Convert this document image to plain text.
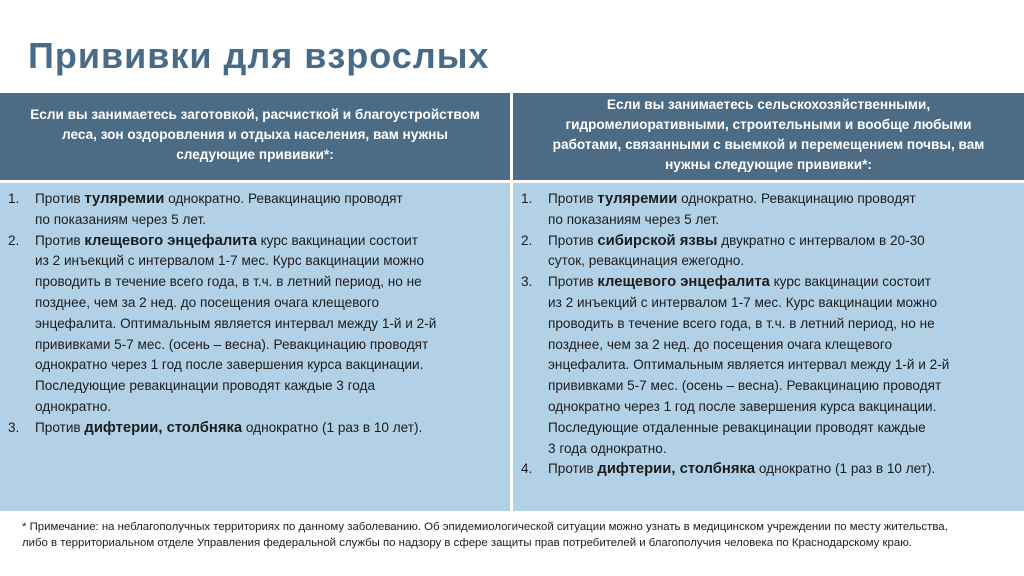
Прививки для взрослых
Если вы занимаетесь заготовкой, расчисткой и благоустройством
леса, зон оздоровления и отдыха населения, вам нужны
следующие прививки*:
Если вы занимаетесь сельскохозяйственными,
гидромелиоративными, строительными и вообще любыми
работами, связанными с выемкой и перемещением почвы, вам
нужны следующие прививки*:
1. Против туляремии однократно. Ревакцинацию проводят
по показаниям через 5 лет.
2. Против клещевого энцефалита курс вакцинации состоит
из 2 инъекций с интервалом 1-7 мес. Курс вакцинации можно
проводить в течение всего года, в т.ч. в летний период, но не
позднее, чем за 2 нед. до посещения очага клещевого
энцефалита. Оптимальным является интервал между 1-й и 2-й
прививками 5-7 мес. (осень – весна). Ревакцинацию проводят
однократно через 1 год после завершения курса вакцинации.
Последующие ревакцинации проводят каждые 3 года
однократно.
3. Против дифтерии, столбняка однократно (1 раз в 10 лет).
1. Против туляремии однократно. Ревакцинацию проводят
по показаниям через 5 лет.
2. Против сибирской язвы двукратно с интервалом в 20-30
суток, ревакцинация ежегодно.
3. Против клещевого энцефалита курс вакцинации состоит
из 2 инъекций с интервалом 1-7 мес. Курс вакцинации можно
проводить в течение всего года, в т.ч. в летний период, но не
позднее, чем за 2 нед. до посещения очага клещевого
энцефалита. Оптимальным является интервал между 1-й и 2-й
прививками 5-7 мес. (осень – весна). Ревакцинацию проводят
однократно через 1 год после завершения курса вакцинации.
Последующие отдаленные ревакцинации проводят каждые
3 года однократно.
4. Против дифтерии, столбняка однократно (1 раз в 10 лет).
* Примечание: на неблагополучных территориях по данному заболеванию. Об эпидемиологической ситуации можно узнать в медицинском учреждении по месту жительства,
либо в территориальном отделе Управления федеральной службы по надзору в сфере защиты прав потребителей и благополучия человека по Краснодарскому краю.
